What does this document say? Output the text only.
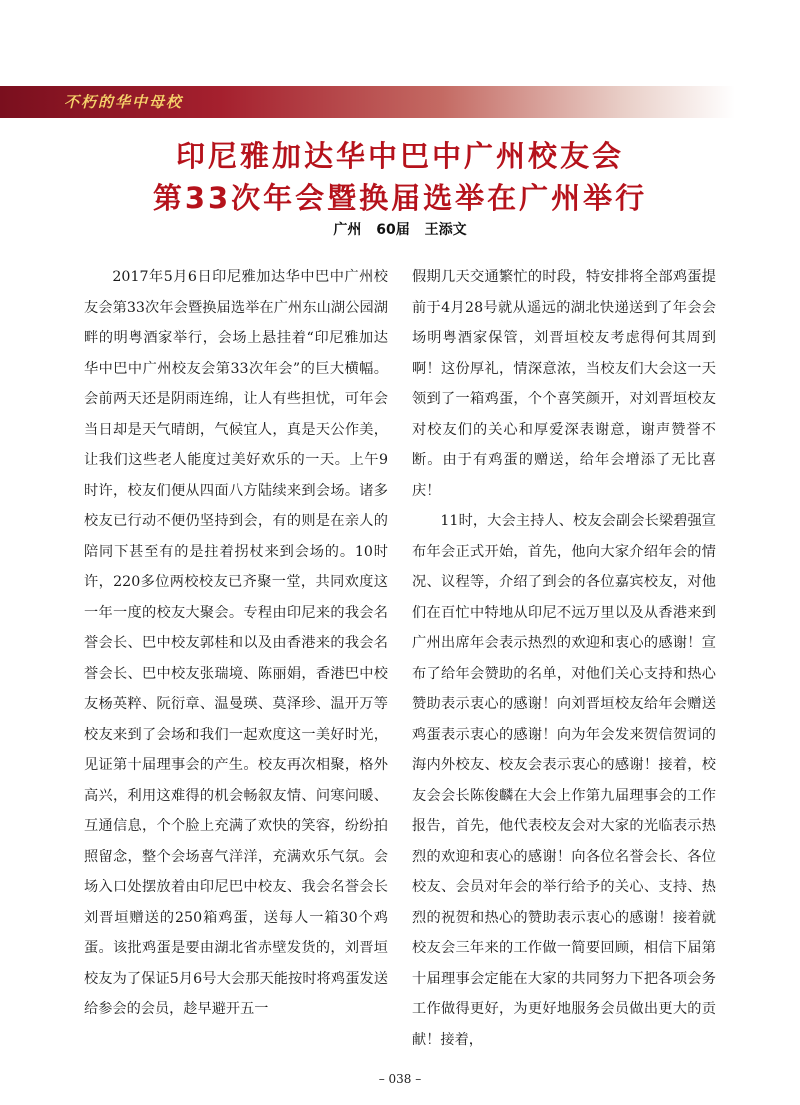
不朽的华中母校
印尼雅加达华中巴中广州校友会
第33次年会暨换届选举在广州举行
广州 60届 王添文

2017年5月6日印尼雅加达华中巴中广州校友会第33次年会暨换届选举在广州东山湖公园湖畔的明粤酒家举行，会场上悬挂着“印尼雅加达华中巴中广州校友会第33次年会”的巨大横幅。会前两天还是阴雨连绵，让人有些担忧，可年会当日却是天气晴朗，气候宜人，真是天公作美，让我们这些老人能度过美好欢乐的一天。上午9时许，校友们便从四面八方陆续来到会场。诸多校友已行动不便仍坚持到会，有的则是在亲人的陪同下甚至有的是拄着拐杖来到会场的。10时许，220多位两校校友已齐聚一堂，共同欢度这一年一度的校友大聚会。专程由印尼来的我会名誉会长、巴中校友郭桂和以及由香港来的我会名誉会长、巴中校友张瑞境、陈丽娟，香港巴中校友杨英粹、阮衍章、温曼瑛、莫泽珍、温开万等校友来到了会场和我们一起欢度这一美好时光，见证第十届理事会的产生。校友再次相聚，格外高兴，利用这难得的机会畅叙友情、问寒问暖、互通信息，个个脸上充满了欢快的笑容，纷纷拍照留念，整个会场喜气洋洋，充满欢乐气氛。会场入口处摆放着由印尼巴中校友、我会名誉会长刘晋垣赠送的250箱鸡蛋，送每人一箱30个鸡蛋。该批鸡蛋是要由湖北省赤壁发货的，刘晋垣校友为了保证5月6号大会那天能按时将鸡蛋发送给参会的会员，趁早避开五一

假期几天交通繁忙的时段，特安排将全部鸡蛋提前于4月28号就从遥远的湖北快递送到了年会会场明粤酒家保管，刘晋垣校友考虑得何其周到啊！这份厚礼，情深意浓，当校友们大会这一天领到了一箱鸡蛋，个个喜笑颜开，对刘晋垣校友对校友们的关心和厚爱深表谢意，谢声赞誉不断。由于有鸡蛋的赠送，给年会增添了无比喜庆！

11时，大会主持人、校友会副会长梁碧强宣布年会正式开始，首先，他向大家介绍年会的情况、议程等，介绍了到会的各位嘉宾校友，对他们在百忙中特地从印尼不远万里以及从香港来到广州出席年会表示热烈的欢迎和衷心的感谢！宣布了给年会赞助的名单，对他们关心支持和热心赞助表示衷心的感谢！向刘晋垣校友给年会赠送鸡蛋表示衷心的感谢！向为年会发来贺信贺词的海内外校友、校友会表示衷心的感谢！接着，校友会会长陈俊麟在大会上作第九届理事会的工作报告，首先，他代表校友会对大家的光临表示热烈的欢迎和衷心的感谢！向各位名誉会长、各位校友、会员对年会的举行给予的关心、支持、热烈的祝贺和热心的赞助表示衷心的感谢！接着就校友会三年来的工作做一简要回顾，相信下届第十届理事会定能在大家的共同努力下把各项会务工作做得更好，为更好地服务会员做出更大的贡献！接着，

– 038 –
